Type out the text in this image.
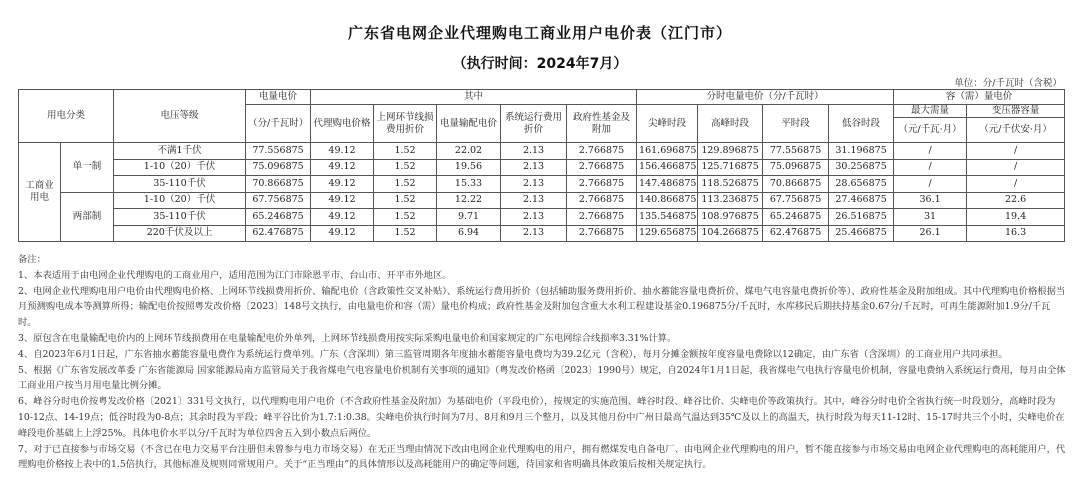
广东省电网企业代理购电工商业用户电价表（江门市）
（执行时间：2024年7月）
单位：分/千瓦时（含税）
用电分类		电压等级	电量电价	其中					分时电量电价（分/千瓦时）				容（需）量电价	
			（分/千瓦时）	代理购电价格	上网环节线损费用折价	电量输配电价	系统运行费用折价	政府性基金及附加	尖峰时段	高峰时段	平时段	低谷时段	最大需量	变压器容量
													（元/千瓦·月）	（元/千伏安·月）
工商业用电	单一制	不满1千伏	77.556875	49.12	1.52	22.02	2.13	2.766875	161.696875	129.896875	77.556875	31.196875	/	/
		1-10（20）千伏	75.096875	49.12	1.52	19.56	2.13	2.766875	156.466875	125.716875	75.096875	30.256875	/	/
		35-110千伏	70.866875	49.12	1.52	15.33	2.13	2.766875	147.486875	118.526875	70.866875	28.656875	/	/
	两部制	1-10（20）千伏	67.756875	49.12	1.52	12.22	2.13	2.766875	140.866875	113.236875	67.756875	27.466875	36.1	22.6
		35-110千伏	65.246875	49.12	1.52	9.71	2.13	2.766875	135.546875	108.976875	65.246875	26.516875	31	19.4
		220千伏及以上	62.476875	49.12	1.52	6.94	2.13	2.766875	129.656875	104.266875	62.476875	25.466875	26.1	16.3

备注：

1、本表适用于由电网企业代理购电的工商业用户，适用范围为江门市除恩平市、台山市、开平市外地区。

2、电网企业代理购电用户电价由代理购电价格、上网环节线损费用折价、输配电价（含政策性交叉补贴）、系统运行费用折价（包括辅助服务费用折价、抽水蓄能容量电费折价、煤电气电容量电费折价等）、政府性基金及附加组成。其中代理购电价格根据当月预测购电成本等测算所得；输配电价按照粤发改价格〔2023〕148号文执行，由电量电价和容（需）量电价构成；政府性基金及附加包含重大水利工程建设基金0.196875分/千瓦时，水库移民后期扶持基金0.67分/千瓦时，可再生能源附加1.9分/千瓦时。

3、原包含在电量输配电价内的上网环节线损费用在电量输配电价外单列，上网环节线损费用按实际采购电量电价和国家规定的广东电网综合线损率3.31%计算。

4、自2023年6月1日起，广东省抽水蓄能容量电费作为系统运行费单列。广东（含深圳）第三监管周期各年度抽水蓄能容量电费均为39.2亿元（含税），每月分摊金额按年度容量电费除以12确定，由广东省（含深圳）的工商业用户共同承担。

5、根据《广东省发展改革委 广东省能源局 国家能源局南方监管局关于我省煤电气电容量电价机制有关事项的通知》（粤发改价格函〔2023〕1990号）规定，自2024年1月1日起，我省煤电气电执行容量电价机制，容量电费纳入系统运行费用，每月由全体工商业用户按当月用电量比例分摊。

6、峰谷分时电价按粤发改价格〔2021〕331号文执行，以代理购电用户电价（不含政府性基金及附加）为基础电价（平段电价），按规定的实施范围、峰谷时段、峰谷比价、尖峰电价等政策执行。其中，峰谷分时电价全省执行统一时段划分，高峰时段为10-12点、14-19点；低谷时段为0-8点；其余时段为平段；峰平谷比价为1.7:1:0.38。尖峰电价执行时间为7月、8月和9月三个整月，以及其他月份中广州日最高气温达到35℃及以上的高温天，执行时段为每天11-12时、15-17时共三个小时，尖峰电价在峰段电价基础上上浮25%。具体电价水平以分/千瓦时为单位四舍五入到小数点后两位。

7、对于已直接参与市场交易（不含已在电力交易平台注册但未曾参与电力市场交易）在无正当理由情况下改由电网企业代理购电的用户，拥有燃煤发电自备电厂、由电网企业代理购电的用户，暂不能直接参与市场交易由电网企业代理购电的高耗能用户，代理购电价格按上表中的1.5倍执行，其他标准及规则同常规用户。关于“正当理由”的具体情形以及高耗能用户的确定等问题，待国家和省明确具体政策后按相关规定执行。
